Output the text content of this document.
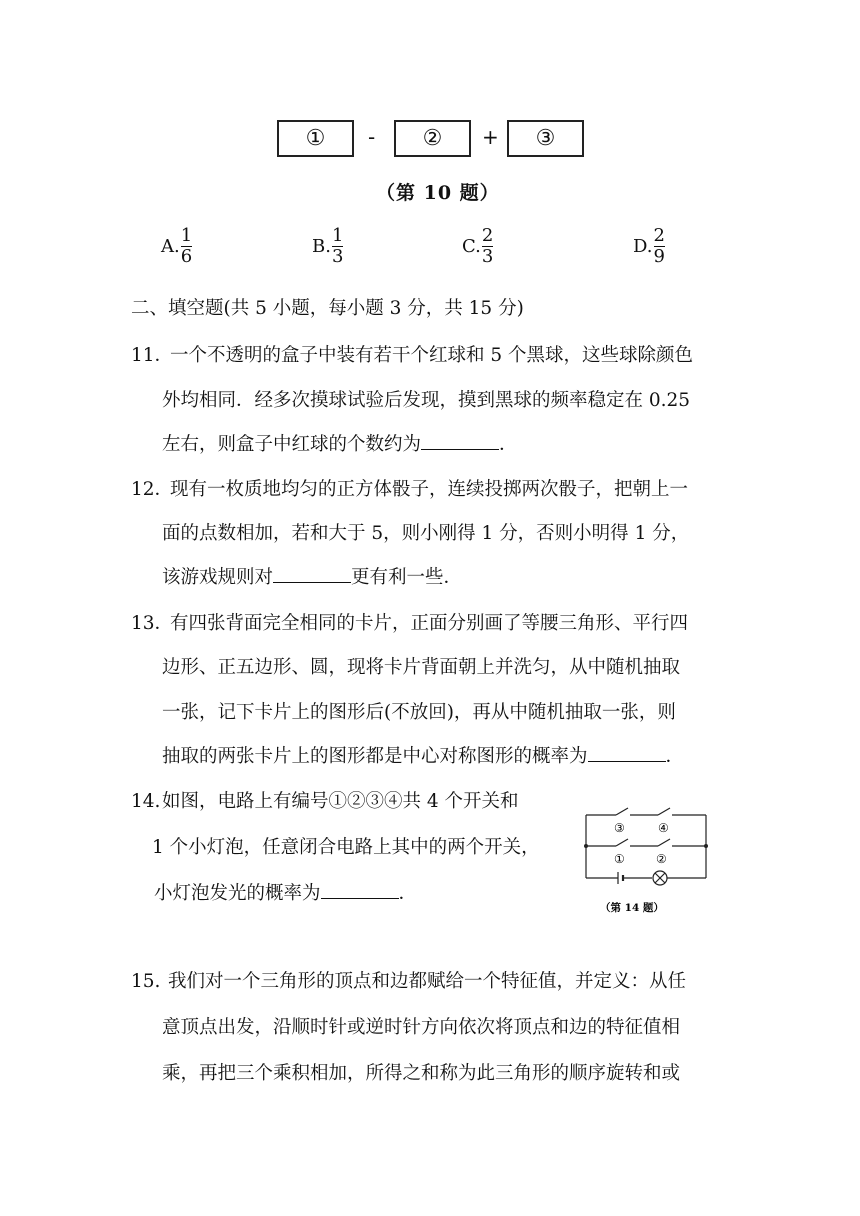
①	-	②	+	③
（第 10 题）
A. $\frac{1}{6}$	B. $\frac{1}{3}$	C. $\frac{2}{3}$	D. $\frac{2}{9}$
二、填空题(共 5 小题，每小题 3 分，共 15 分)
11．
一个不透明的盒子中装有若干个红球和 5 个黑球，这些球除颜色
外均相同．经多次摸球试验后发现，摸到黑球的频率稳定在 0.25
左右，则盒子中红球的个数约为	．
12．
现有一枚质地均匀的正方体骰子，连续投掷两次骰子，把朝上一
面的点数相加，若和大于 5，则小刚得 1 分，否则小明得 1 分，
该游戏规则对	更有利一些．
13．
有四张背面完全相同的卡片，正面分别画了等腰三角形、平行四
边形、正五边形、圆，现将卡片背面朝上并洗匀，从中随机抽取
一张，记下卡片上的图形后(不放回)，再从中随机抽取一张，则
抽取的两张卡片上的图形都是中心对称图形的概率为	．
14. 如图，电路上有编号①②③④共 4 个开关和
1 个小灯泡，任意闭合电路上其中的两个开关，
小灯泡发光的概率为	．
③	④
①	②
（第 14 题）
15. 我们对一个三角形的顶点和边都赋给一个特征值，并定义：从任
意顶点出发，沿顺时针或逆时针方向依次将顶点和边的特征值相
乘，再把三个乘积相加，所得之和称为此三角形的顺序旋转和或
